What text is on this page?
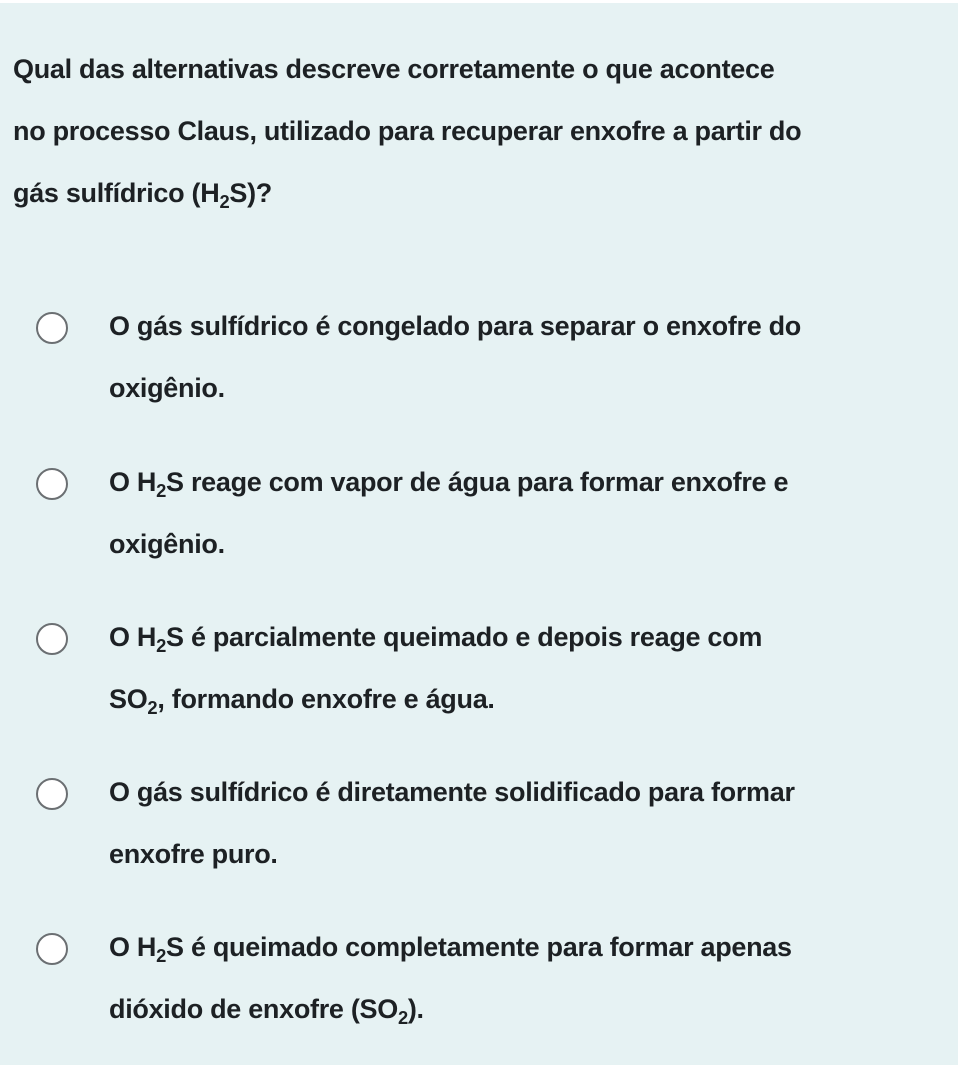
Qual das alternativas descreve corretamente o que acontece
no processo Claus, utilizado para recuperar enxofre a partir do
gás sulfídrico $(H_2S)$?

O gás sulfídrico é congelado para separar o enxofre do
oxigênio.

O $H_2S$ reage com vapor de água para formar enxofre e
oxigênio.

O $H_2S$ é parcialmente queimado e depois reage com
$SO_2$, formando enxofre e água.

O gás sulfídrico é diretamente solidificado para formar
enxofre puro.

O $H_2S$ é queimado completamente para formar apenas
dióxido de enxofre $(SO_2)$.
